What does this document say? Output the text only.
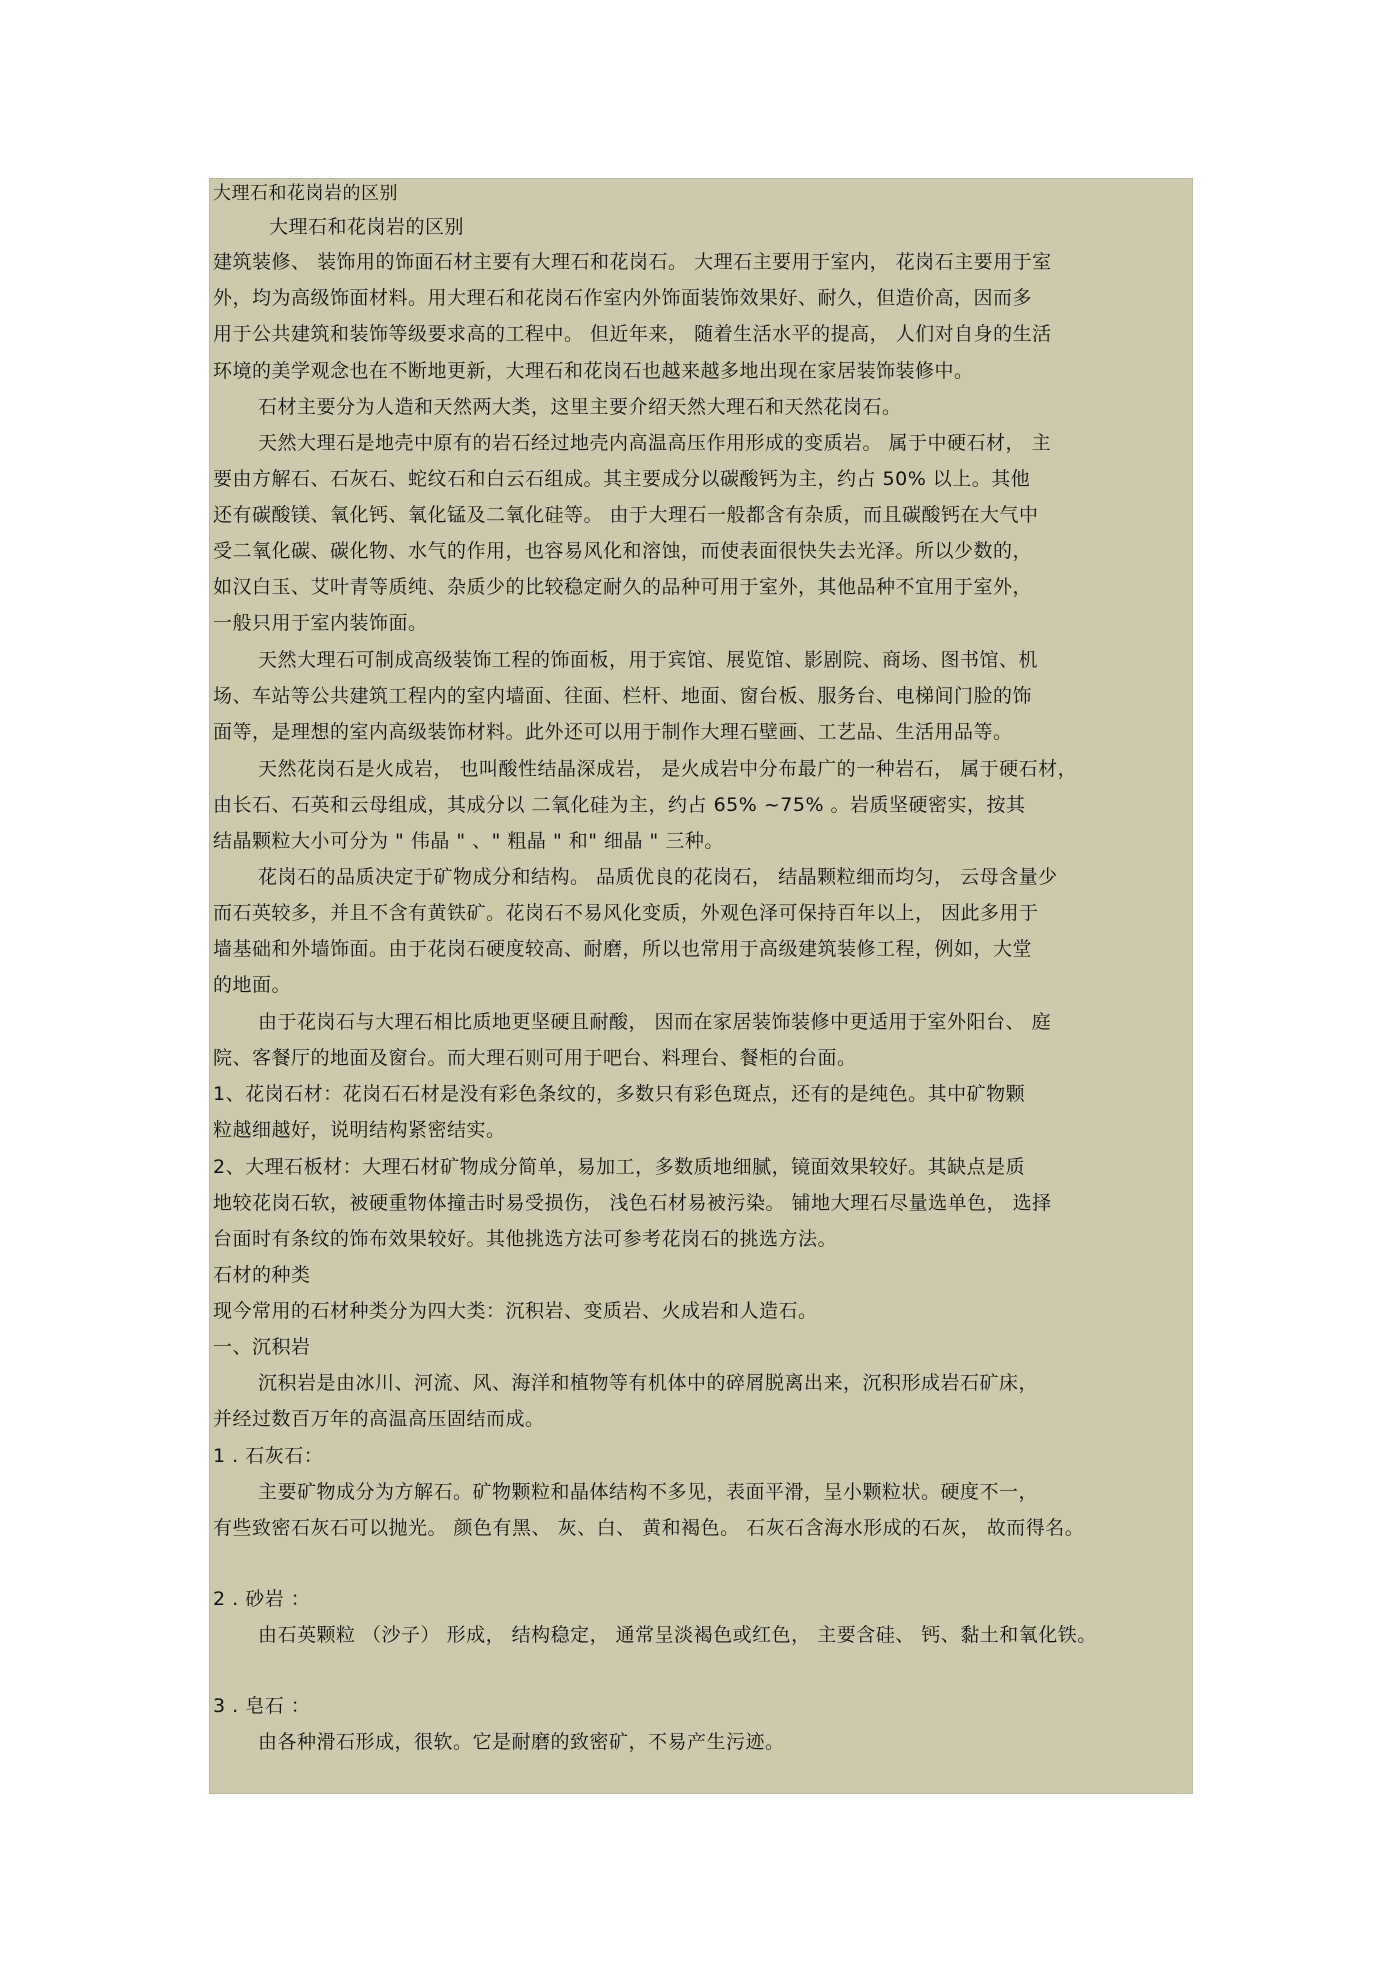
大理石和花岗岩的区别
大理石和花岗岩的区别
建筑装修、 装饰用的饰面石材主要有大理石和花岗石。 大理石主要用于室内， 花岗石主要用于室
外，均为高级饰面材料。用大理石和花岗石作室内外饰面装饰效果好、耐久，但造价高，因而多
用于公共建筑和装饰等级要求高的工程中。 但近年来， 随着生活水平的提高， 人们对自身的生活
环境的美学观念也在不断地更新，大理石和花岗石也越来越多地出现在家居装饰装修中。
石材主要分为人造和天然两大类，这里主要介绍天然大理石和天然花岗石。
天然大理石是地壳中原有的岩石经过地壳内高温高压作用形成的变质岩。 属于中硬石材， 主
要由方解石、石灰石、蛇纹石和白云石组成。其主要成分以碳酸钙为主，约占 50% 以上。其他
还有碳酸镁、氧化钙、氧化锰及二氧化硅等。 由于大理石一般都含有杂质，而且碳酸钙在大气中
受二氧化碳、碳化物、水气的作用，也容易风化和溶蚀，而使表面很快失去光泽。所以少数的，
如汉白玉、艾叶青等质纯、杂质少的比较稳定耐久的品种可用于室外，其他品种不宜用于室外，
一般只用于室内装饰面。
天然大理石可制成高级装饰工程的饰面板，用于宾馆、展览馆、影剧院、商场、图书馆、机
场、车站等公共建筑工程内的室内墙面、往面、栏杆、地面、窗台板、服务台、电梯间门脸的饰
面等，是理想的室内高级装饰材料。此外还可以用于制作大理石壁画、工艺品、生活用品等。
天然花岗石是火成岩， 也叫酸性结晶深成岩， 是火成岩中分布最广的一种岩石， 属于硬石材，
由长石、石英和云母组成，其成分以 二氧化硅为主，约占 65% ~75% 。岩质坚硬密实，按其
结晶颗粒大小可分为 " 伟晶 " 、" 粗晶 " 和" 细晶 " 三种。
花岗石的品质决定于矿物成分和结构。 品质优良的花岗石， 结晶颗粒细而均匀， 云母含量少
而石英较多，并且不含有黄铁矿。花岗石不易风化变质，外观色泽可保持百年以上， 因此多用于
墙基础和外墙饰面。由于花岗石硬度较高、耐磨，所以也常用于高级建筑装修工程，例如，大堂
的地面。
由于花岗石与大理石相比质地更坚硬且耐酸， 因而在家居装饰装修中更适用于室外阳台、 庭
院、客餐厅的地面及窗台。而大理石则可用于吧台、料理台、餐柜的台面。
1、花岗石材：花岗石石材是没有彩色条纹的，多数只有彩色斑点，还有的是纯色。其中矿物颗
粒越细越好，说明结构紧密结实。
2、大理石板材：大理石材矿物成分简单，易加工，多数质地细腻，镜面效果较好。其缺点是质
地较花岗石软，被硬重物体撞击时易受损伤， 浅色石材易被污染。 铺地大理石尽量选单色， 选择
台面时有条纹的饰布效果较好。其他挑选方法可参考花岗石的挑选方法。
石材的种类
现今常用的石材种类分为四大类：沉积岩、变质岩、火成岩和人造石。
一、沉积岩
沉积岩是由冰川、河流、风、海洋和植物等有机体中的碎屑脱离出来，沉积形成岩石矿床，
并经过数百万年的高温高压固结而成。
1 . 石灰石：
主要矿物成分为方解石。矿物颗粒和晶体结构不多见，表面平滑，呈小颗粒状。硬度不一，
有些致密石灰石可以抛光。 颜色有黑、 灰、白、 黄和褐色。 石灰石含海水形成的石灰， 故而得名。
2 . 砂岩 ：
由石英颗粒 （沙子） 形成， 结构稳定， 通常呈淡褐色或红色， 主要含硅、 钙、黏土和氧化铁。
3 . 皂石 ：
由各种滑石形成，很软。它是耐磨的致密矿，不易产生污迹。
